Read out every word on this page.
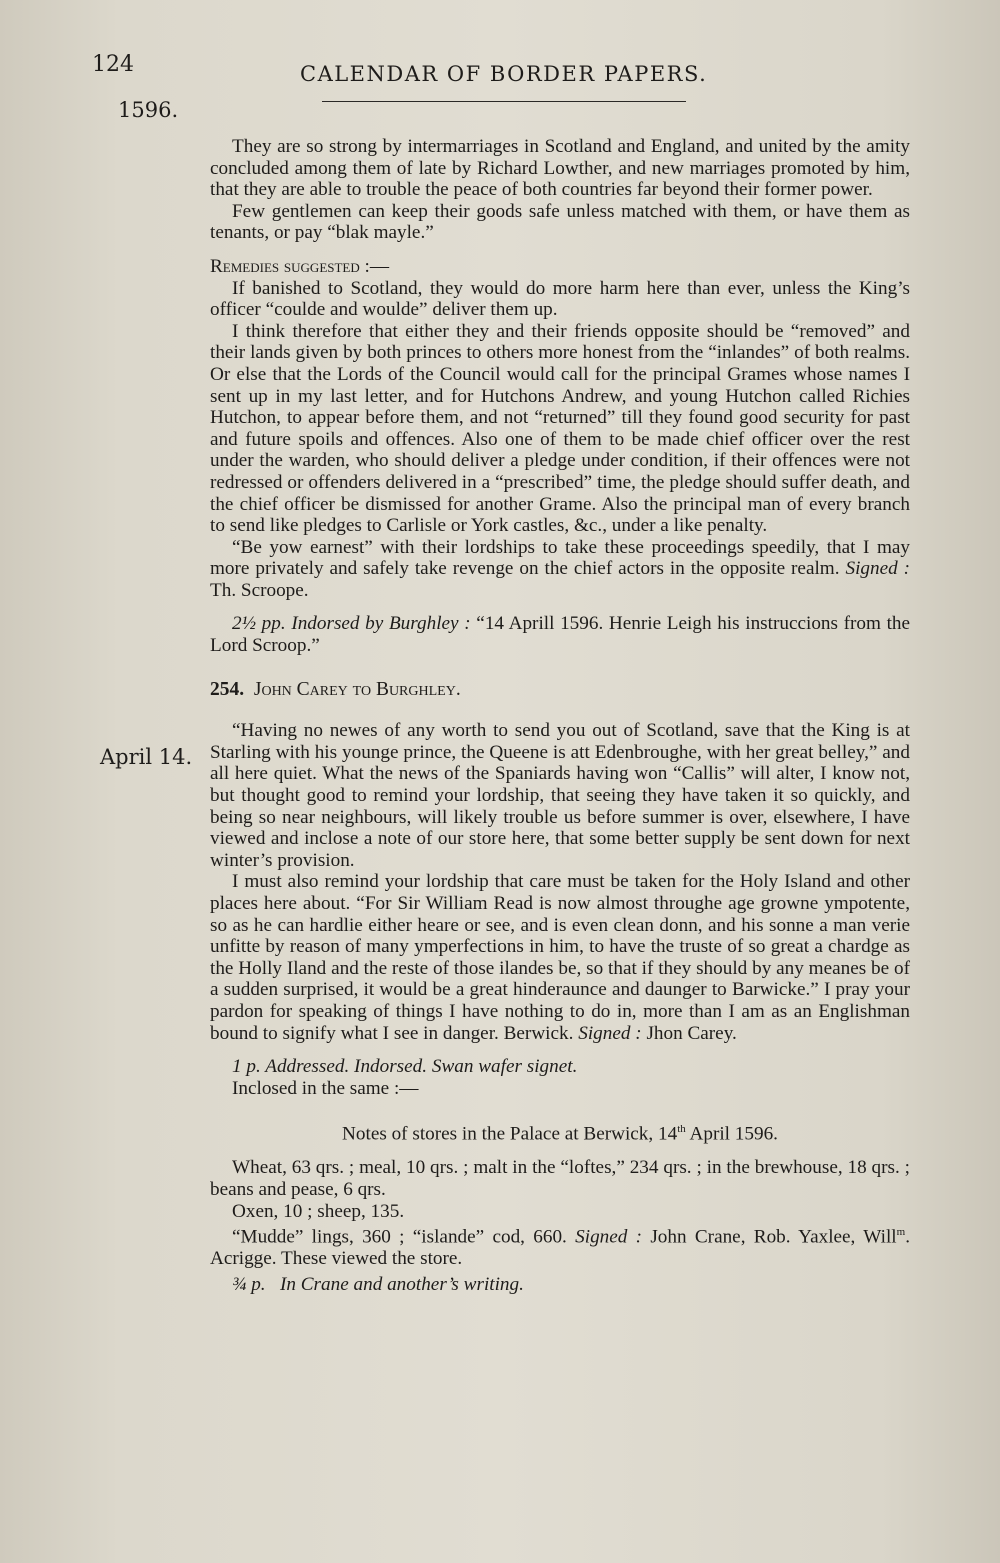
124	CALENDAR OF BORDER PAPERS.
1596.
April 14.

They are so strong by intermarriages in Scotland and England, and united by the amity concluded among them of late by Richard Lowther, and new marriages promoted by him, that they are able to trouble the peace of both countries far beyond their former power.

Few gentlemen can keep their goods safe unless matched with them, or have them as tenants, or pay “blak mayle.”

Remedies suggested :—

If banished to Scotland, they would do more harm here than ever, unless the King’s officer “coulde and woulde” deliver them up.

I think therefore that either they and their friends opposite should be “removed” and their lands given by both princes to others more honest from the “inlandes” of both realms. Or else that the Lords of the Council would call for the principal Grames whose names I sent up in my last letter, and for Hutchons Andrew, and young Hutchon called Richies Hutchon, to appear before them, and not “returned” till they found good security for past and future spoils and offences. Also one of them to be made chief officer over the rest under the warden, who should deliver a pledge under condition, if their offences were not redressed or offenders delivered in a “prescribed” time, the pledge should suffer death, and the chief officer be dismissed for another Grame. Also the principal man of every branch to send like pledges to Carlisle or York castles, &c., under a like penalty.

“Be yow earnest” with their lordships to take these proceedings speedily, that I may more privately and safely take revenge on the chief actors in the opposite realm. Signed : Th. Scroope.

2½ pp. Indorsed by Burghley : “14 Aprill 1596. Henrie Leigh his instruccions from the Lord Scroop.”

254. John Carey to Burghley.

“Having no newes of any worth to send you out of Scotland, save that the King is at Starling with his younge prince, the Queene is att Edenbroughe, with her great belley,” and all here quiet. What the news of the Spaniards having won “Callis” will alter, I know not, but thought good to remind your lordship, that seeing they have taken it so quickly, and being so near neighbours, will likely trouble us before summer is over, elsewhere, I have viewed and inclose a note of our store here, that some better supply be sent down for next winter’s provision.

I must also remind your lordship that care must be taken for the Holy Island and other places here about. “For Sir William Read is now almost throughe age growne ympotente, so as he can hardlie either heare or see, and is even clean donn, and his sonne a man verie unfitte by reason of many ymperfections in him, to have the truste of so great a chardge as the Holly Iland and the reste of those ilandes be, so that if they should by any meanes be of a sudden surprised, it would be a great hinderaunce and daunger to Barwicke.” I pray your pardon for speaking of things I have nothing to do in, more than I am as an Englishman bound to signify what I see in danger. Berwick. Signed : Jhon Carey.

1 p. Addressed. Indorsed. Swan wafer signet.

Inclosed in the same :—

Notes of stores in the Palace at Berwick, 14th April 1596.

Wheat, 63 qrs. ; meal, 10 qrs. ; malt in the “loftes,” 234 qrs. ; in the brewhouse, 18 qrs. ; beans and pease, 6 qrs.

Oxen, 10 ; sheep, 135.

“Mudde” lings, 360 ; “islande” cod, 660. Signed : John Crane, Rob. Yaxlee, Will$^m$. Acrigge. These viewed the store.

¾ p. In Crane and another’s writing.
